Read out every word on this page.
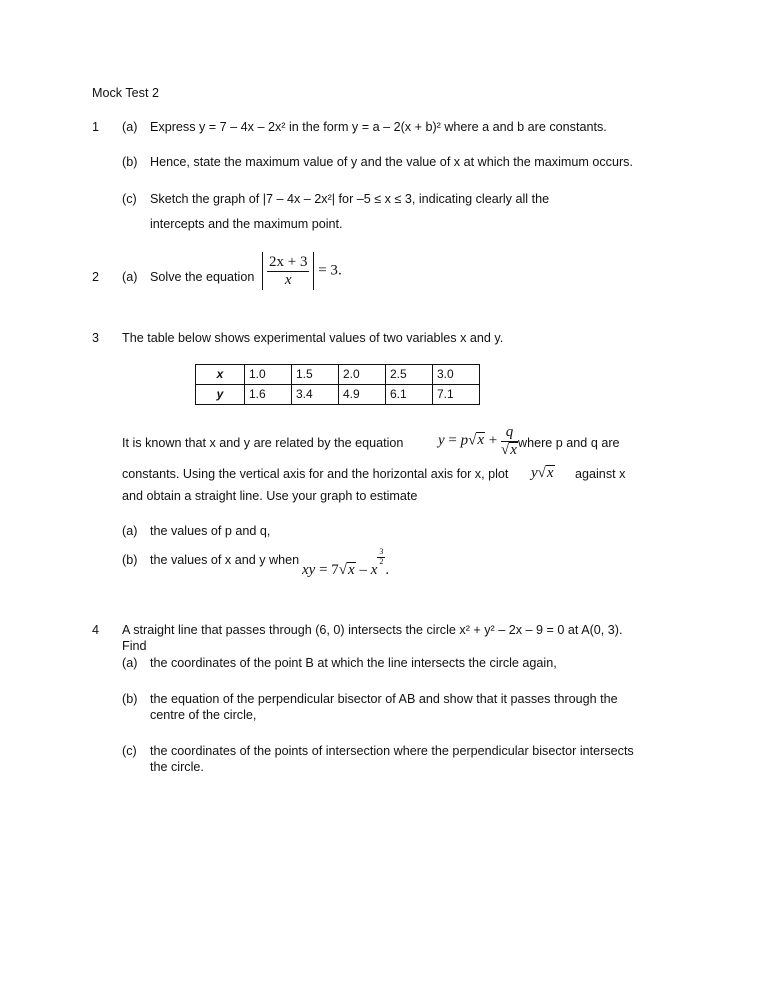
Mock Test 2
1 (a) Express y = 7 – 4x – 2x² in the form y = a – 2(x + b)² where a and b are constants.
(b) Hence, state the maximum value of y and the value of x at which the maximum occurs.
(c) Sketch the graph of |7 – 4x – 2x²| for –5 ≤ x ≤ 3, indicating clearly all the
intercepts and the maximum point.
2 (a) Solve the equation $\frac{2x + 3}{x} = 3$.
3 The table below shows experimental values of two variables x and y.
x	1.0	1.5	2.0	2.5	3.0
y	1.6	3.4	4.9	6.1	7.1
It is known that x and y are related by the equation $y = p√x + \frac{q}{√x}$ where p and q are
constants. Using the vertical axis for and the horizontal axis for x, plot y√x against x
and obtain a straight line. Use your graph to estimate
(a) the values of p and q,
(b) the values of x and y when
xy = 7√x – x
$\frac{3}{2}$
.
4 A straight line that passes through (6, 0) intersects the circle x² + y² – 2x – 9 = 0 at A(0, 3).
Find
(a) the coordinates of the point B at which the line intersects the circle again,
(b) the equation of the perpendicular bisector of AB and show that it passes through the
centre of the circle,
(c) the coordinates of the points of intersection where the perpendicular bisector intersects
the circle.
